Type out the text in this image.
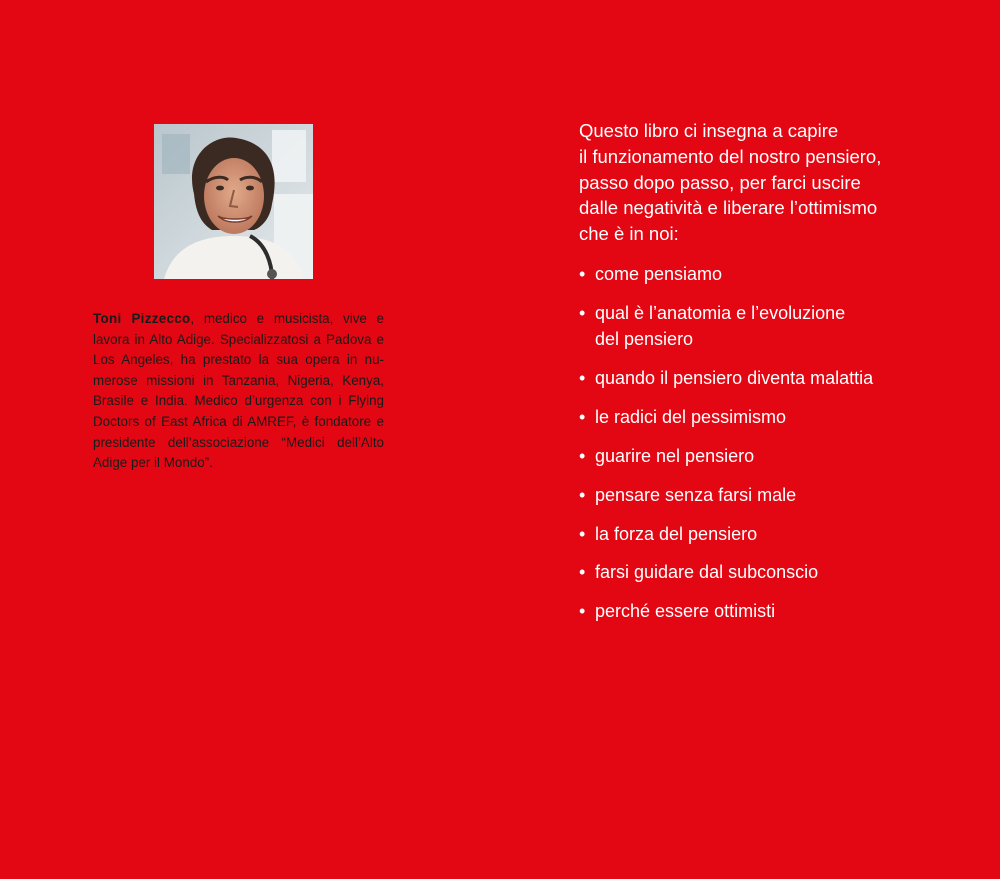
Toni Pizzecco, medico e musicista, vive e lavora in Alto Adige. Specializzatosi a Padova e Los Angeles, ha prestato la sua opera in nu- merose missioni in Tanzania, Nigeria, Kenya, Brasile e India. Medico d’urgenza con i Flying Doctors of East Africa di AMREF, è fondatore e presidente dell’associazione “Medici dell’Alto Adige per il Mondo”.

Questo libro ci insegna a capire
il funzionamento del nostro pensiero,
passo dopo passo, per farci uscire
dalle negatività e liberare l’ottimismo
che è in noi:

• come pensiamo
• qual è l’anatomia e l’evoluzione
del pensiero
• quando il pensiero diventa malattia
• le radici del pessimismo
• guarire nel pensiero
• pensare senza farsi male
• la forza del pensiero
• farsi guidare dal subconscio
• perché essere ottimisti
